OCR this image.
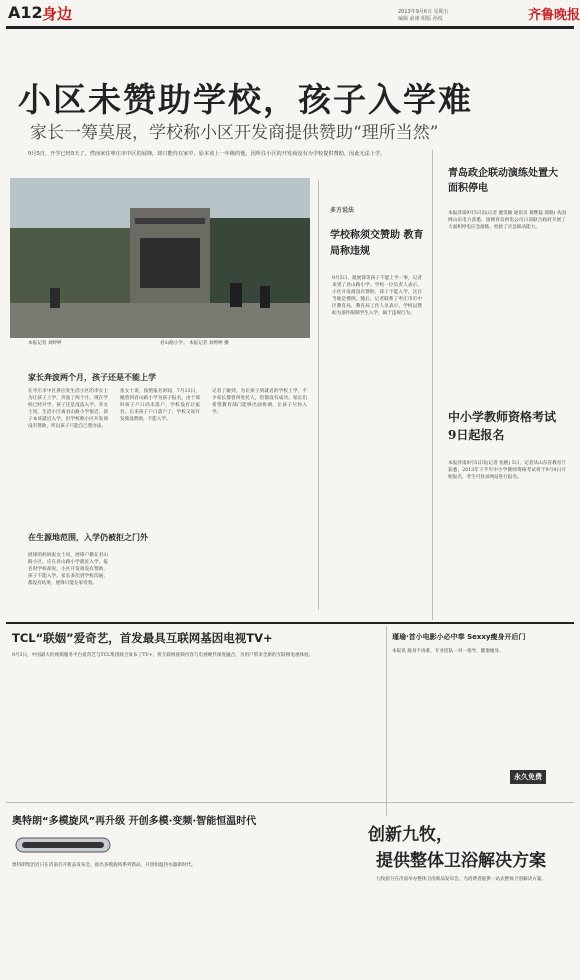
A12 身边	2013年9月6日 星期五
编辑 俞谨 组版 孙悦	齐鲁晚报
小区未赞助学校，孩子入学难
家长一筹莫展，学校称小区开发商提供赞助“理所当然”
9月5日，开学已经5天了，然而家住枣庄市中区的展锋，却只能待在家中，原本该上一年级的他，因所住小区的开发商没有为学校提供赞助，因此无法上学。
本报记者 刘婷婷	君山路小学。 本报记者 刘婷婷 摄
多方说法
学校称须交赞助 教育局称违规
9月5日，就展锋等孩子不能上学一事，记者来到了君山路小学。学校一位负责人表示，小区开发商没有赞助，孩子不能入学，这在当地是惯例。随后，记者联系了枣庄市市中区教育局，教育局工作人员表示，学校以赞助为条件限制学生入学，属于违规行为。
青岛政企联动演练处置大面积停电
本报济南9月5日讯(记者 廖雯颖 通讯员 葛继磊 邱路) 从国网山东电力获悉，国网青岛供电公司日前联合政府开展了大面积停电应急演练，检验了应急联动能力。
中小学教师资格考试9日起报名
本报济南9月5日讯(记者 张帆) 5日，记者从山东省教育厅获悉，2013年下半年中小学教师资格考试将于9月9日开始报名，考生可登录网站进行报名。
家长奔波两个月，孩子还是不能上学
在枣庄市中区供应处生活小区的李女士为让孩子上学，奔波了两个月。现在学校已经开学，孩子还是没法入学。李女士说，生活小区离君山路小学很近，孩子本该就近入学，但学校称小区开发商没有赞助，所以孩子只能自己想办法。
张女士说，按照报名时间，7月13日，她曾到君山路小学为孩子报名，由于那时孩子户口尚未落户，学校没有让报名。后来孩子户口落户了，学校又说开发商没赞助，不能入学。
记者了解到，为让孩子到就近的学校上学，不少家长都曾四处托人，但都没有成功。家长们希望教育部门能够出面协调，让孩子尽快入学。
在生源地范围，入学仍被拒之门外
展锋的妈妈张女士说，展锋户籍在君山路小区，应在君山路小学就近入学。报名时学校却说，小区开发商没有赞助，孩子不能入学。家长多次到学校沟通，都没有结果，展锋只能在家待着。
TCL“联姻”爱奇艺，首发最具互联网基因电视TV+
9月3日，中国最大的视频服务平台爱奇艺与TCL集团联合发布了TV+，将互联网视频内容与电视硬件深度融合，为用户带来全新的互联网电视体验。
瑾瑜·首小电影小必中奉 Sexxy瘦身开后门
本报讯 瘦身不再难，专业团队一对一指导，健康瘦身。
永久免费
奥特朗“多模旋风”再升级 开创多模·变频·智能恒温时代
奥特朗集团近日在济南召开新品发布会，推出多模旋风系列新品，开创恒温热水器新时代。
创新九牧，
提供整体卫浴解决方案
九牧厨卫在济南举办整体卫浴新品发布会，为消费者提供一站式整体卫浴解决方案。
